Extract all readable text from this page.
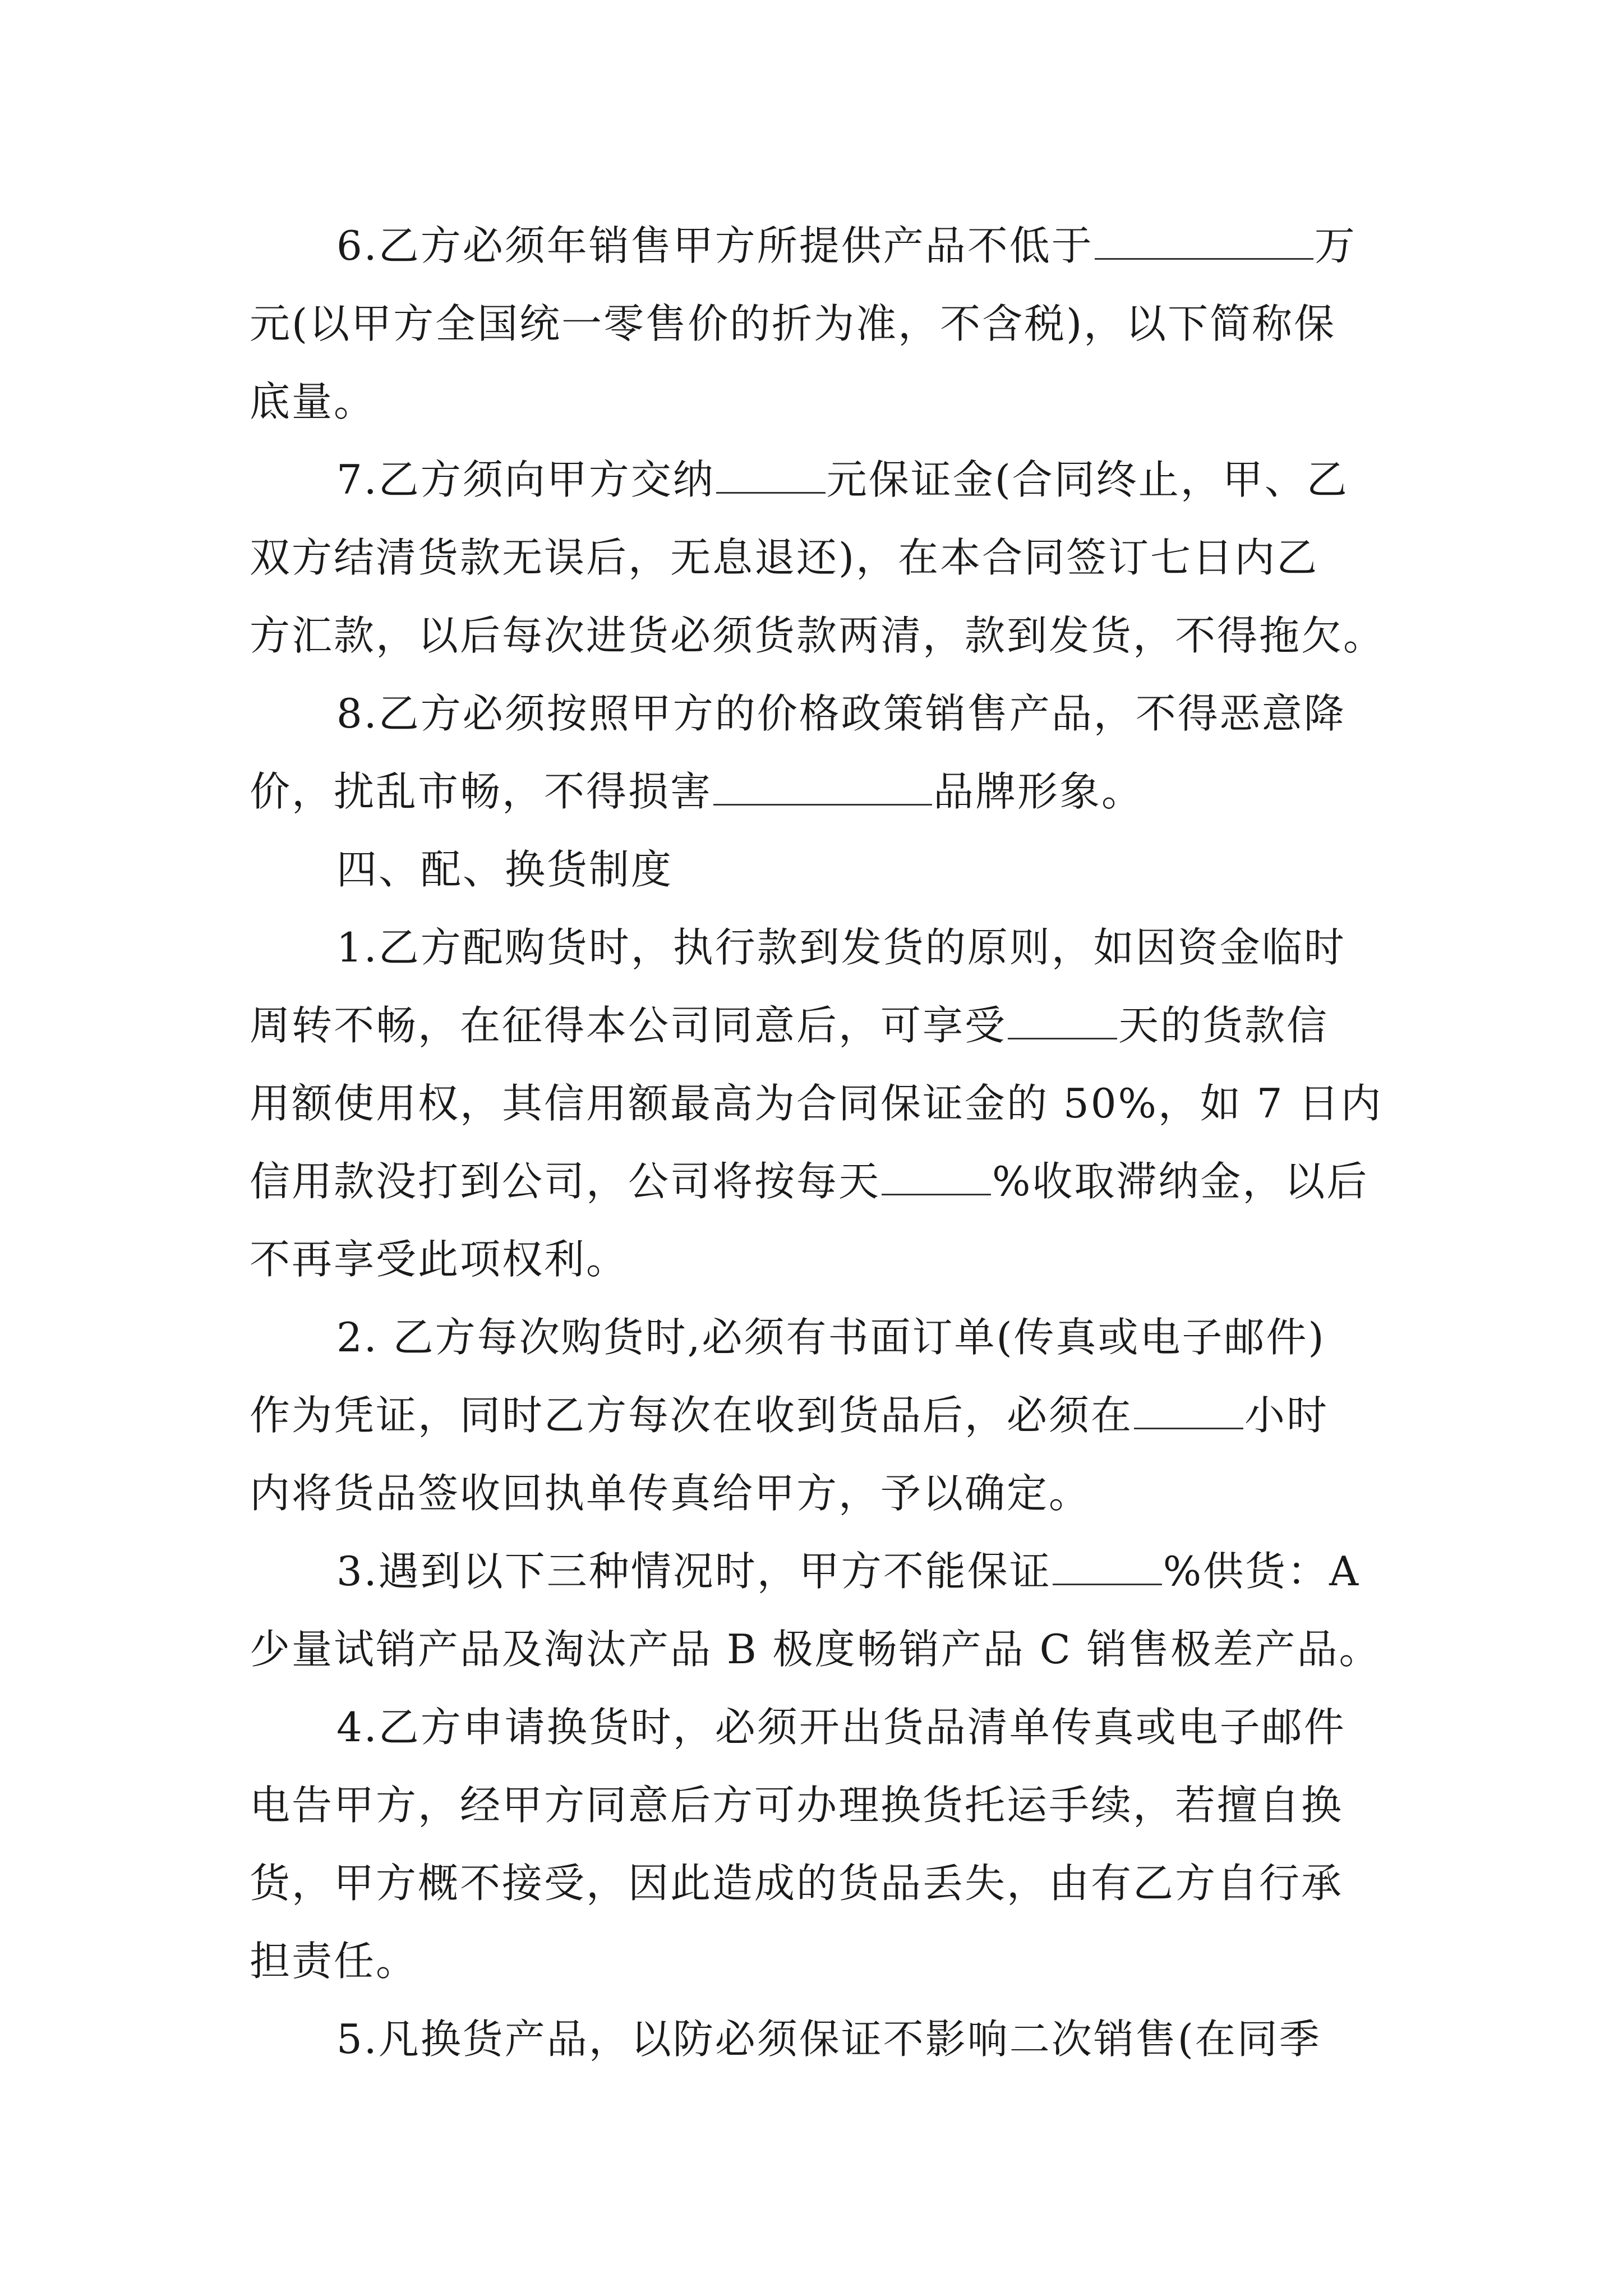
6.乙方必须年销售甲方所提供产品不低于	万
元(以甲方全国统一零售价的折为准，不含税)，以下简称保
底量。
7.乙方须向甲方交纳	元保证金(合同终止，甲、乙
双方结清货款无误后，无息退还)，在本合同签订七日内乙
方汇款，以后每次进货必须货款两清，款到发货，不得拖欠。
8.乙方必须按照甲方的价格政策销售产品，不得恶意降
价，扰乱市畅，不得损害	品牌形象。
四、配、换货制度
1.乙方配购货时，执行款到发货的原则，如因资金临时
周转不畅，在征得本公司同意后，可享受	天的货款信
用额使用权，其信用额最高为合同保证金的 50%，如 7 日内
信用款没打到公司，公司将按每天	%收取滞纳金，以后
不再享受此项权利。
2. 乙方每次购货时,必须有书面订单(传真或电子邮件)
作为凭证，同时乙方每次在收到货品后，必须在	小时
内将货品签收回执单传真给甲方，予以确定。
3.遇到以下三种情况时，甲方不能保证	%供货：A
少量试销产品及淘汰产品 B 极度畅销产品 C 销售极差产品。
4.乙方申请换货时，必须开出货品清单传真或电子邮件
电告甲方，经甲方同意后方可办理换货托运手续，若擅自换
货，甲方概不接受，因此造成的货品丢失，由有乙方自行承
担责任。
5.凡换货产品，以防必须保证不影响二次销售(在同季
